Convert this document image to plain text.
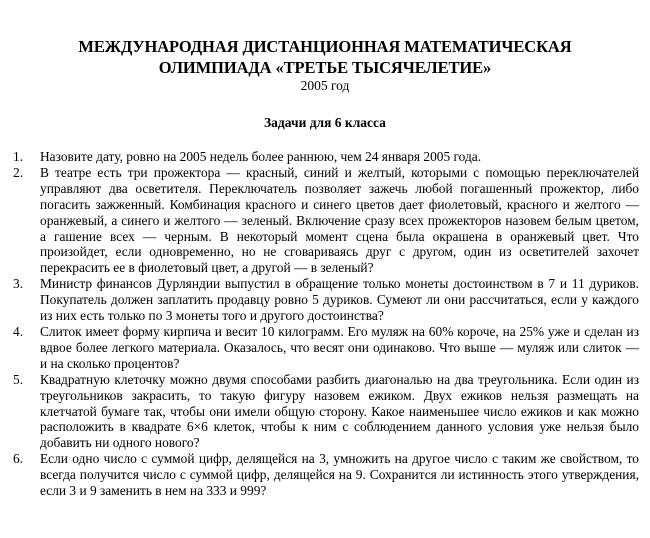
МЕЖДУНАРОДНАЯ ДИСТАНЦИОННАЯ МАТЕМАТИЧЕСКАЯ
ОЛИМПИАДА «ТРЕТЬЕ ТЫСЯЧЕЛЕТИЕ»
2005 год
Задачи для 6 класса
1. Назовите дату, ровно на 2005 недель более раннюю, чем 24 января 2005 года.
2. В театре есть три прожектора — красный, синий и желтый, которыми с помощью переключателей управляют два осветителя. Переключатель позволяет зажечь любой погашенный прожектор, либо погасить зажженный. Комбинация красного и синего цветов дает фиолетовый, красного и желтого — оранжевый, а синего и желтого — зеленый. Включение сразу всех прожекторов назовем белым цветом, а гашение всех — черным. В некоторый момент сцена была окрашена в оранжевый цвет. Что произойдет, если одновременно, но не сговариваясь друг с другом, один из осветителей захочет перекрасить ее в фиолетовый цвет, а другой — в зеленый?
3. Министр финансов Дурляндии выпустил в обращение только монеты достоинством в 7 и 11 дуриков. Покупатель должен заплатить продавцу ровно 5 дуриков. Сумеют ли они рассчитаться, если у каждого из них есть только по 3 монеты того и другого достоинства?
4. Слиток имеет форму кирпича и весит 10 килограмм. Его муляж на 60% короче, на 25% уже и сделан из вдвое более легкого материала. Оказалось, что весят они одинаково. Что выше — муляж или слиток — и на сколько процентов?
5. Квадратную клеточку можно двумя способами разбить диагональю на два треугольника. Если один из треугольников закрасить, то такую фигуру назовем ежиком. Двух ежиков нельзя размещать на клетчатой бумаге так, чтобы они имели общую сторону. Какое наименьшее число ежиков и как можно расположить в квадрате 6×6 клеток, чтобы к ним с соблюдением данного условия уже нельзя было добавить ни одного нового?
6. Если одно число с суммой цифр, делящейся на 3, умножить на другое число с таким же свойством, то всегда получится число с суммой цифр, делящейся на 9. Сохранится ли истинность этого утверждения, если 3 и 9 заменить в нем на 333 и 999?
